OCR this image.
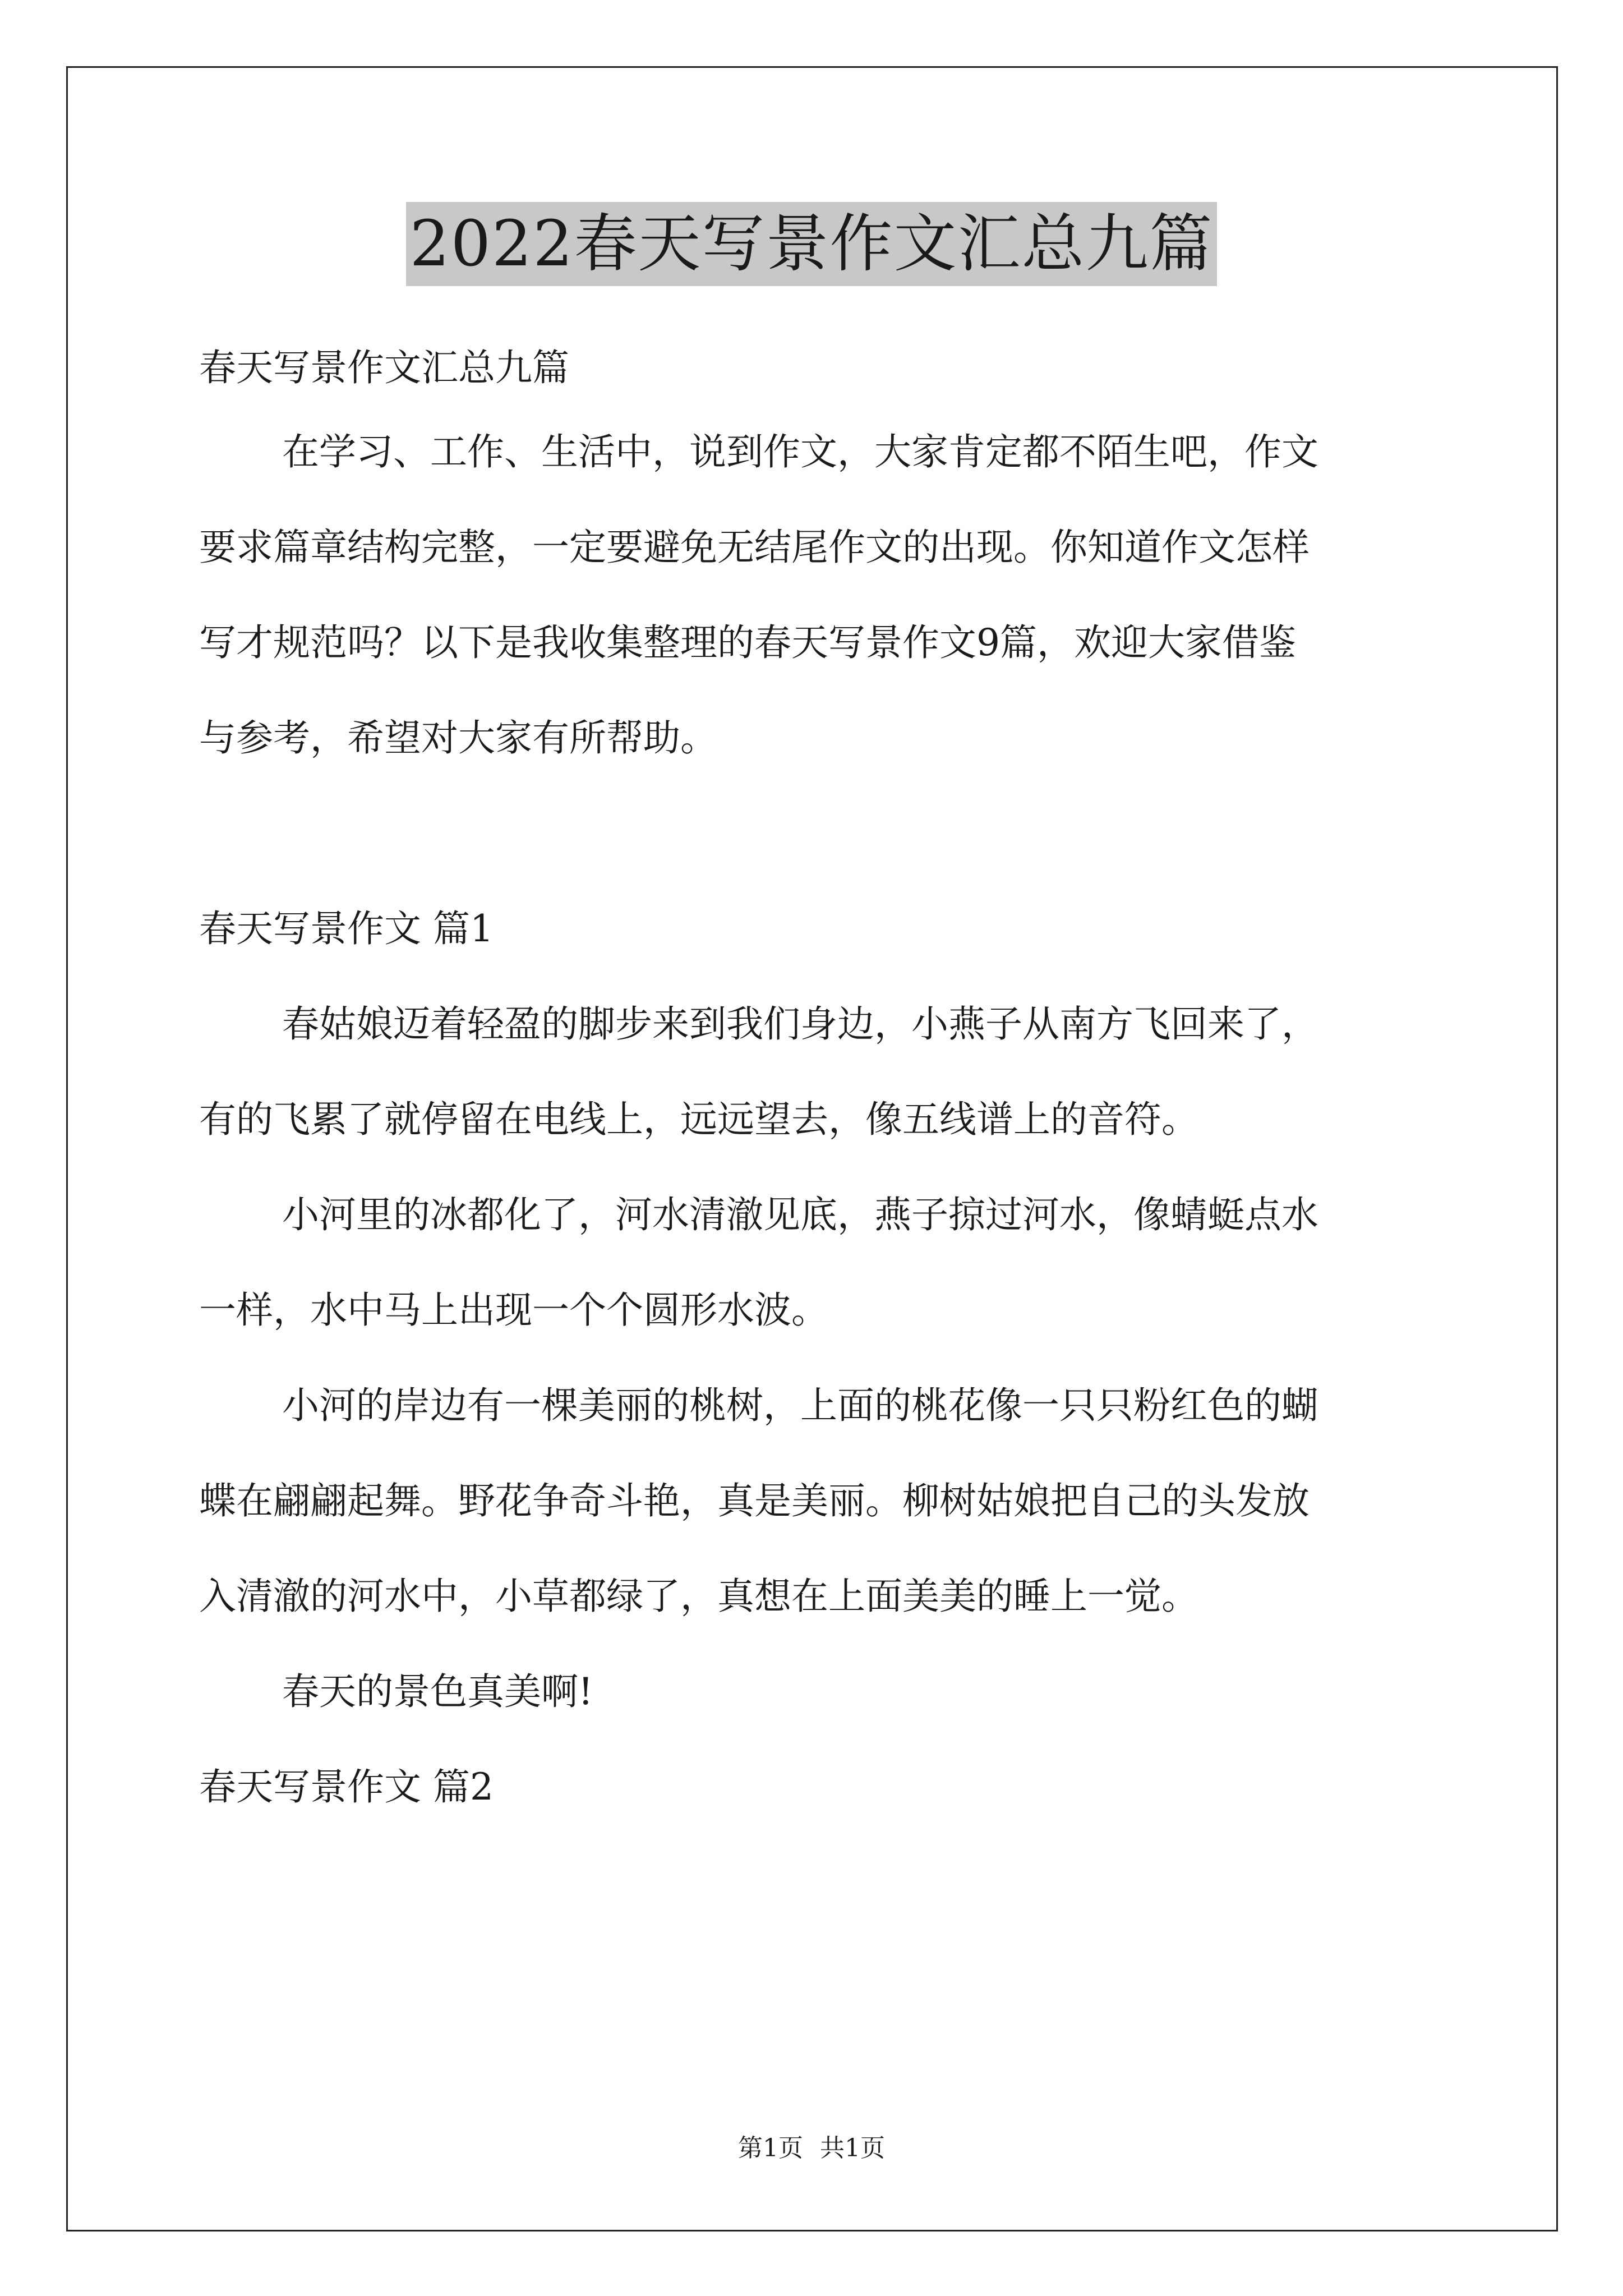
2022春天写景作文汇总九篇

春天写景作文汇总九篇

在学习、工作、生活中，说到作文，大家肯定都不陌生吧，作文

要求篇章结构完整，一定要避免无结尾作文的出现。你知道作文怎样

写才规范吗？以下是我收集整理的春天写景作文9篇，欢迎大家借鉴

与参考，希望对大家有所帮助。

春天写景作文 篇1

春姑娘迈着轻盈的脚步来到我们身边，小燕子从南方飞回来了，

有的飞累了就停留在电线上，远远望去，像五线谱上的音符。

小河里的冰都化了，河水清澈见底，燕子掠过河水，像蜻蜓点水

一样，水中马上出现一个个圆形水波。

小河的岸边有一棵美丽的桃树，上面的桃花像一只只粉红色的蝴

蝶在翩翩起舞。野花争奇斗艳，真是美丽。柳树姑娘把自己的头发放

入清澈的河水中，小草都绿了，真想在上面美美的睡上一觉。

春天的景色真美啊!

春天写景作文 篇2

第1页 共1页
